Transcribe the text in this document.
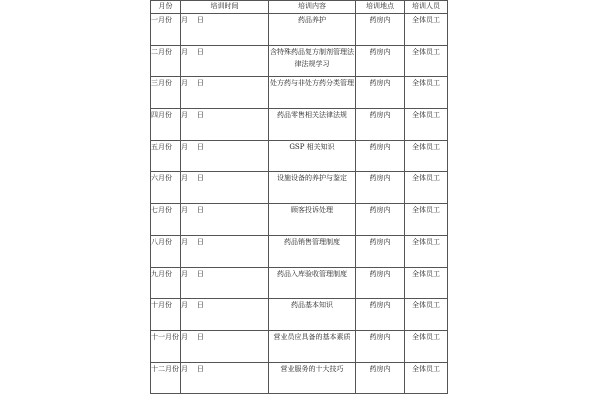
月份	培训时间	培训内容	培训地点	培训人员
一月份	月    日	药品养护	药房内	全体员工
二月份	月    日	含特殊药品复方制剂管理法律法规学习	药房内	全体员工
三月份	月    日	处方药与非处方药分类管理	药房内	全体员工
四月份	月    日	药品零售相关法律法规	药房内	全体员工
五月份	月    日	GSP 相关知识	药房内	全体员工
六月份	月    日	设施设备的养护与鉴定	药房内	全体员工
七月份	月    日	顾客投诉处理	药房内	全体员工
八月份	月    日	药品销售管理制度	药房内	全体员工
九月份	月    日	药品入库验收管理制度	药房内	全体员工
十月份	月    日	药品基本知识	药房内	全体员工
十一月份	月    日	营业员应具备的基本素质	药房内	全体员工
十二月份	月    日	营业服务的十大技巧	药房内	全体员工
